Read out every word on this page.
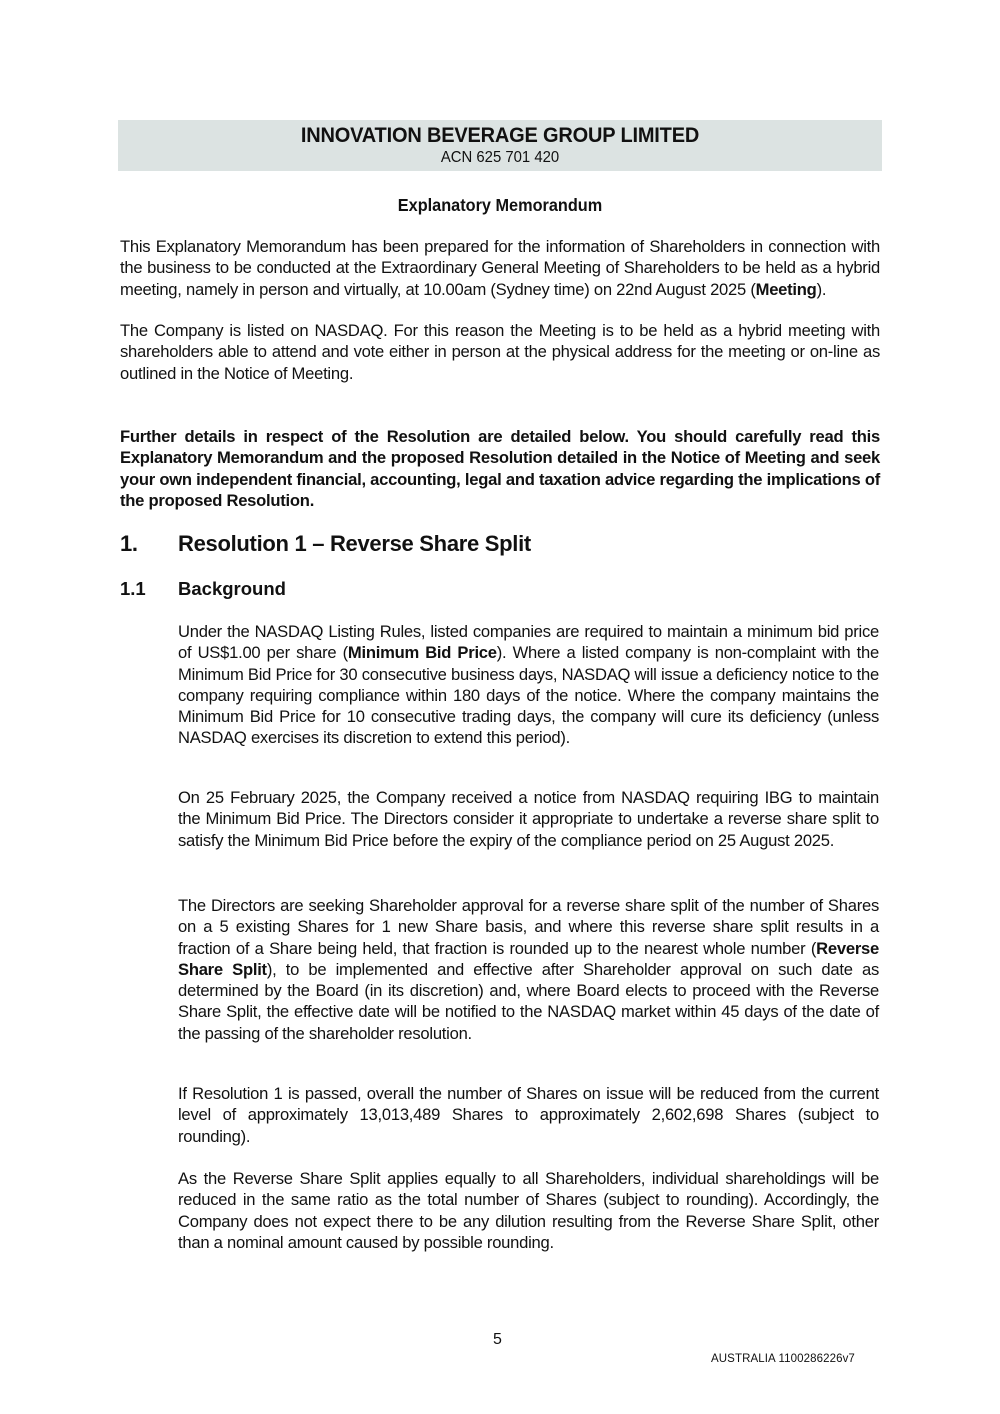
INNOVATION BEVERAGE GROUP LIMITED
ACN 625 701 420
Explanatory Memorandum

This Explanatory Memorandum has been prepared for the information of Shareholders in connection with the business to be conducted at the Extraordinary General Meeting of Shareholders to be held as a hybrid meeting, namely in person and virtually, at 10.00am (Sydney time) on 22nd August 2025 (Meeting).

The Company is listed on NASDAQ. For this reason the Meeting is to be held as a hybrid meeting with shareholders able to attend and vote either in person at the physical address for the meeting or on-line as outlined in the Notice of Meeting.

Further details in respect of the Resolution are detailed below. You should carefully read this Explanatory Memorandum and the proposed Resolution detailed in the Notice of Meeting and seek your own independent financial, accounting, legal and taxation advice regarding the implications of the proposed Resolution.

1.	Resolution 1 – Reverse Share Split
1.1 Background

Under the NASDAQ Listing Rules, listed companies are required to maintain a minimum bid price of US$1.00 per share (Minimum Bid Price). Where a listed company is non-complaint with the Minimum Bid Price for 30 consecutive business days, NASDAQ will issue a deficiency notice to the company requiring compliance within 180 days of the notice. Where the company maintains the Minimum Bid Price for 10 consecutive trading days, the company will cure its deficiency (unless NASDAQ exercises its discretion to extend this period).

On 25 February 2025, the Company received a notice from NASDAQ requiring IBG to maintain the Minimum Bid Price. The Directors consider it appropriate to undertake a reverse share split to satisfy the Minimum Bid Price before the expiry of the compliance period on 25 August 2025.

The Directors are seeking Shareholder approval for a reverse share split of the number of Shares on a 5 existing Shares for 1 new Share basis, and where this reverse share split results in a fraction of a Share being held, that fraction is rounded up to the nearest whole number (Reverse Share Split), to be implemented and effective after Shareholder approval on such date as determined by the Board (in its discretion) and, where Board elects to proceed with the Reverse Share Split, the effective date will be notified to the NASDAQ market within 45 days of the date of the passing of the shareholder resolution.

If Resolution 1 is passed, overall the number of Shares on issue will be reduced from the current level of approximately 13,013,489 Shares to approximately 2,602,698 Shares (subject to rounding).

As the Reverse Share Split applies equally to all Shareholders, individual shareholdings will be reduced in the same ratio as the total number of Shares (subject to rounding). Accordingly, the Company does not expect there to be any dilution resulting from the Reverse Share Split, other than a nominal amount caused by possible rounding.

5
AUSTRALIA 1100286226v7
